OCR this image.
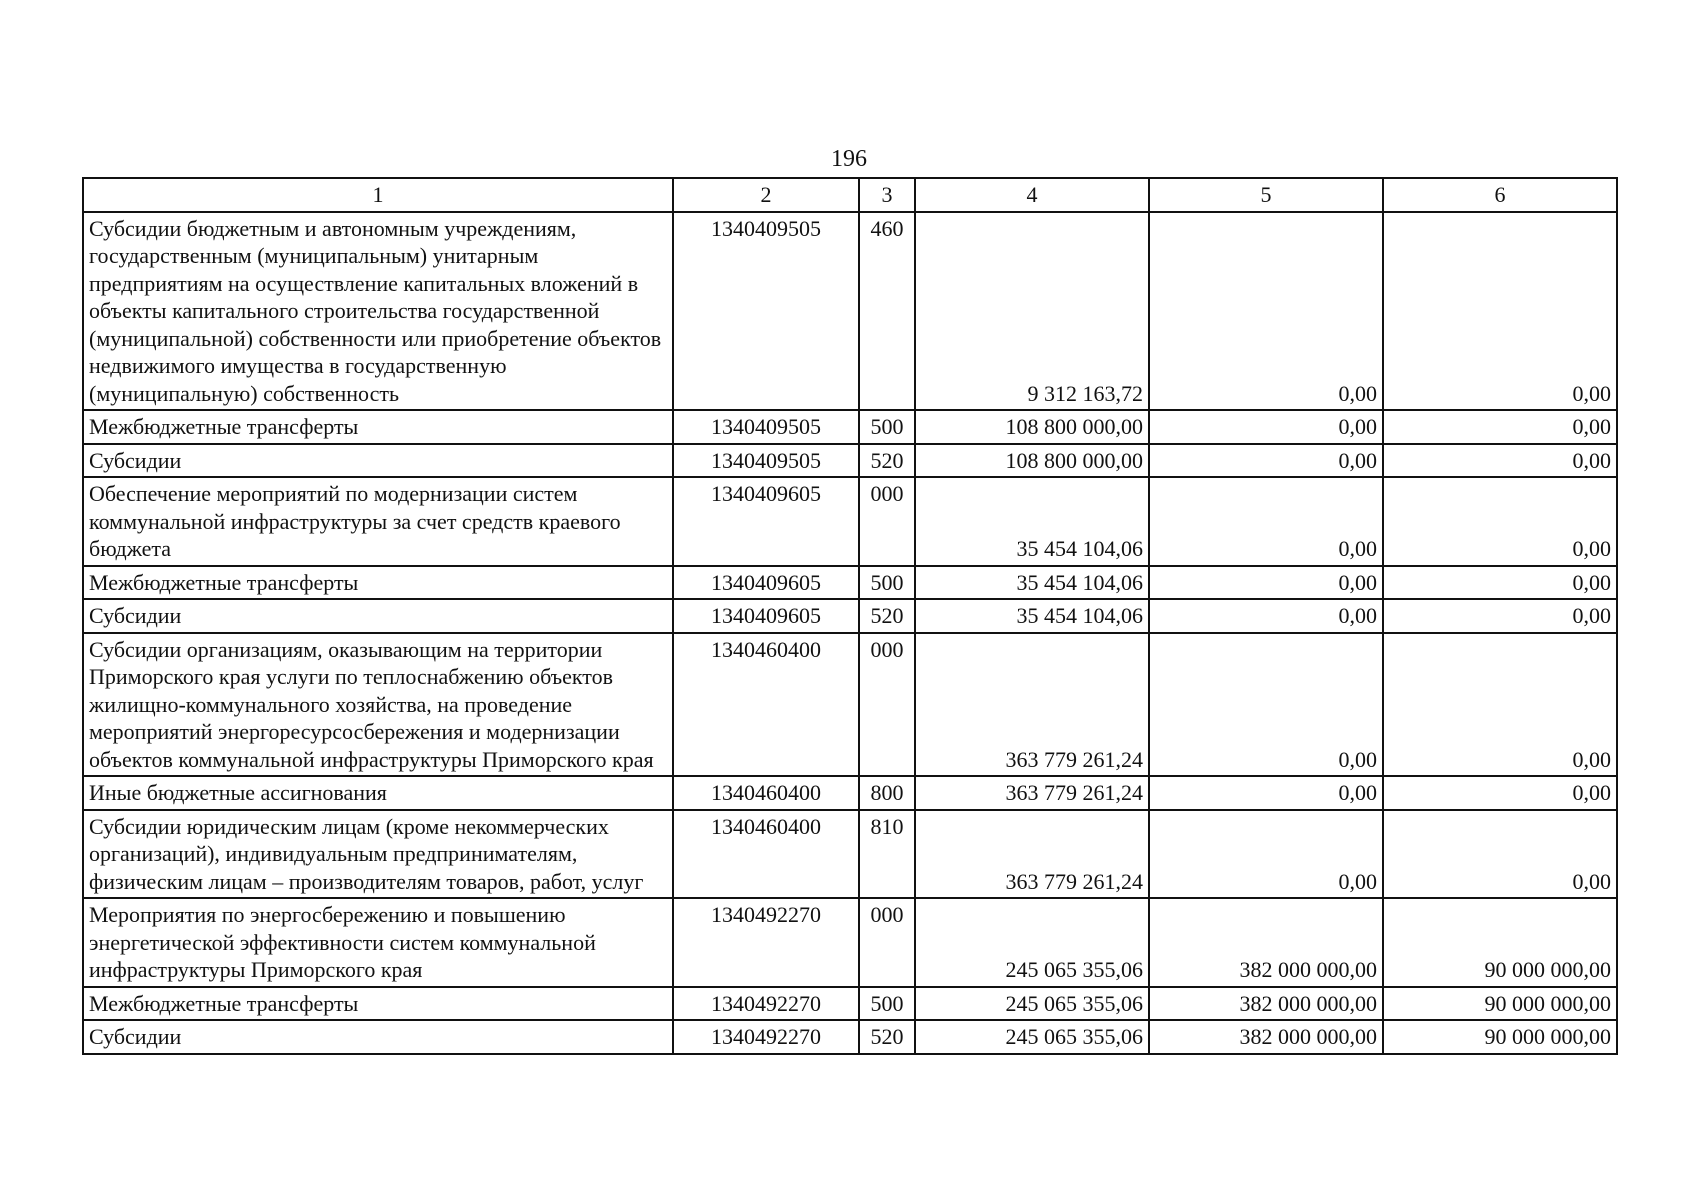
196
1	2	3	4	5	6
Субсидии бюджетным и автономным учреждениям, государственным (муниципальным) унитарным предприятиям на осуществление капитальных вложений в объекты капитального строительства государственной (муниципальной) собственности или приобретение объектов недвижимого имущества в государственную (муниципальную) собственность	1340409505	460	9 312 163,72	0,00	0,00
Межбюджетные трансферты	1340409505	500	108 800 000,00	0,00	0,00
Субсидии	1340409505	520	108 800 000,00	0,00	0,00
Обеспечение мероприятий по модернизации систем коммунальной инфраструктуры за счет средств краевого бюджета	1340409605	000	35 454 104,06	0,00	0,00
Межбюджетные трансферты	1340409605	500	35 454 104,06	0,00	0,00
Субсидии	1340409605	520	35 454 104,06	0,00	0,00
Субсидии организациям, оказывающим на территории Приморского края услуги по теплоснабжению объектов жилищно-коммунального хозяйства, на проведение мероприятий энергоресурсосбережения и модернизации объектов коммунальной инфраструктуры Приморского края	1340460400	000	363 779 261,24	0,00	0,00
Иные бюджетные ассигнования	1340460400	800	363 779 261,24	0,00	0,00
Субсидии юридическим лицам (кроме некоммерческих организаций), индивидуальным предпринимателям, физическим лицам – производителям товаров, работ, услуг	1340460400	810	363 779 261,24	0,00	0,00
Мероприятия по энергосбережению и повышению энергетической эффективности систем коммунальной инфраструктуры Приморского края	1340492270	000	245 065 355,06	382 000 000,00	90 000 000,00
Межбюджетные трансферты	1340492270	500	245 065 355,06	382 000 000,00	90 000 000,00
Субсидии	1340492270	520	245 065 355,06	382 000 000,00	90 000 000,00
